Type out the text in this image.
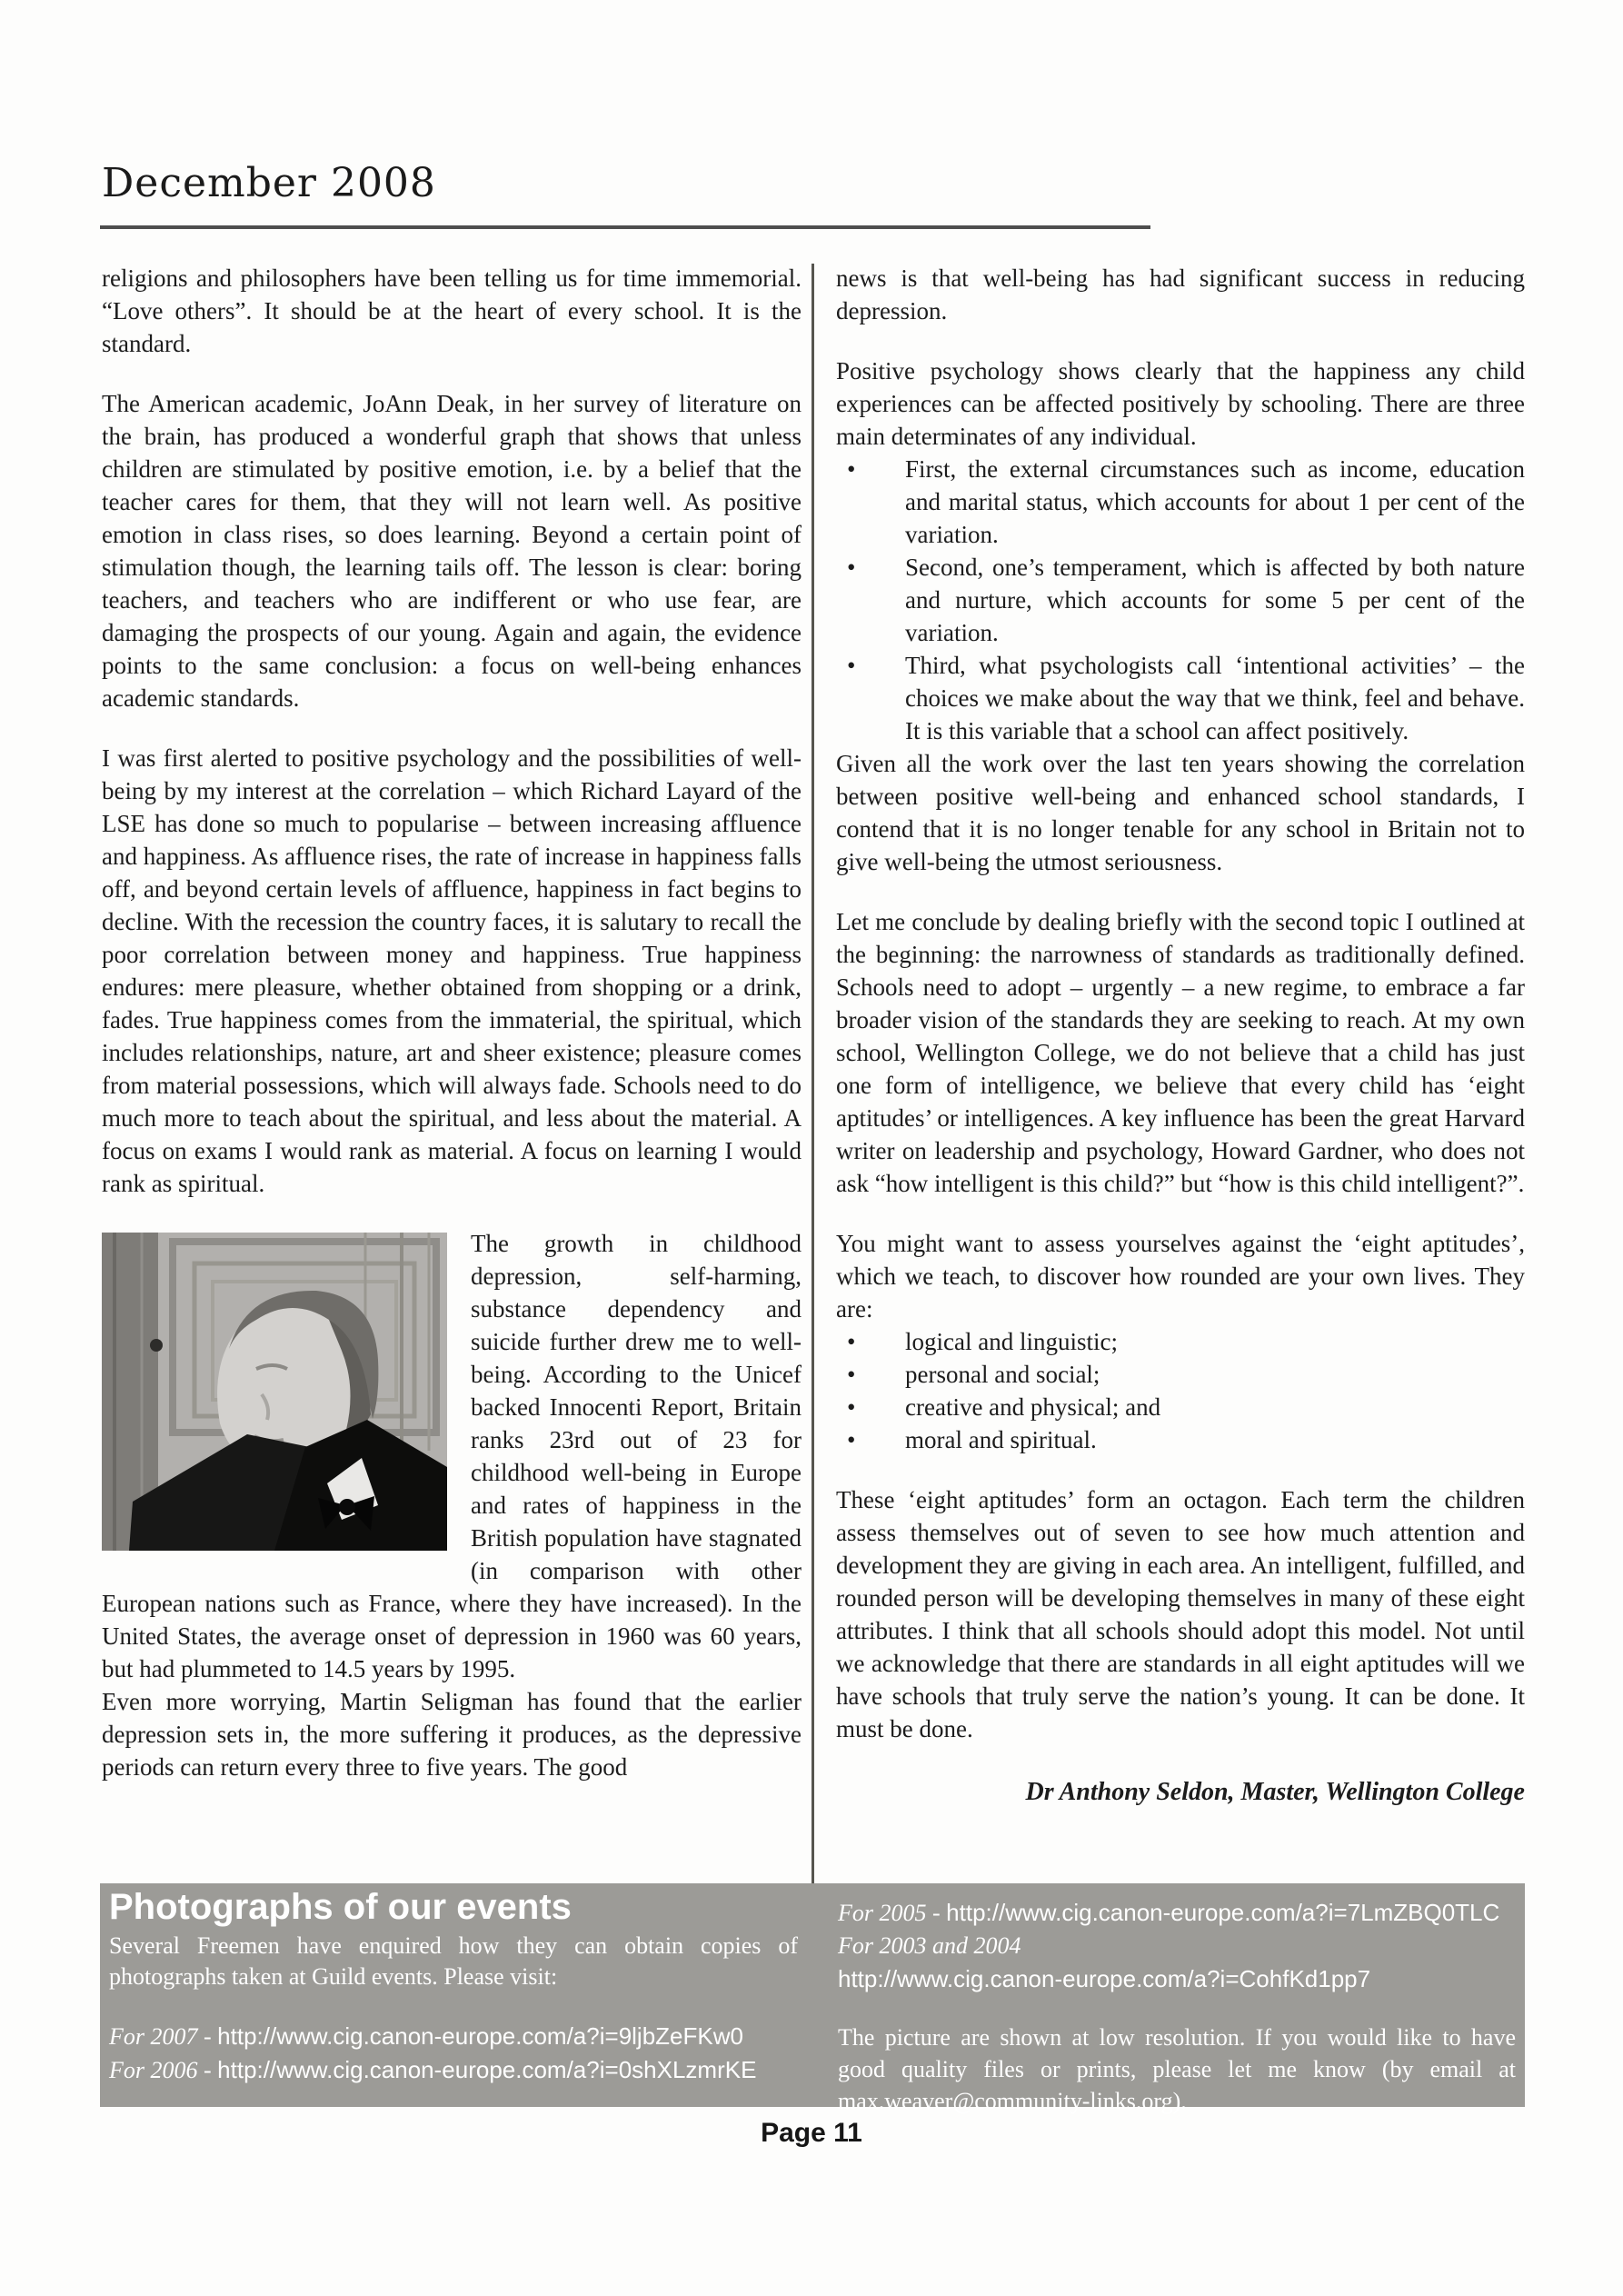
December 2008

religions and philosophers have been telling us for time immemorial. “Love others”. It should be at the heart of every school. It is the standard.

The American academic, JoAnn Deak, in her survey of literature on the brain, has produced a wonderful graph that shows that unless children are stimulated by positive emotion, i.e. by a belief that the teacher cares for them, that they will not learn well. As positive emotion in class rises, so does learning. Beyond a certain point of stimulation though, the learning tails off. The lesson is clear: boring teachers, and teachers who are indifferent or who use fear, are damaging the prospects of our young. Again and again, the evidence points to the same conclusion: a focus on well-being enhances academic standards.

I was first alerted to positive psychology and the possibilities of well-being by my interest at the correlation – which Richard Layard of the LSE has done so much to popularise – between increasing affluence and happiness. As affluence rises, the rate of increase in happiness falls off, and beyond certain levels of affluence, happiness in fact begins to decline. With the recession the country faces, it is salutary to recall the poor correlation between money and happiness. True happiness endures: mere pleasure, whether obtained from shopping or a drink, fades. True happiness comes from the immaterial, the spiritual, which includes relationships, nature, art and sheer existence; pleasure comes from material possessions, which will always fade. Schools need to do much more to teach about the spiritual, and less about the material. A focus on exams I would rank as material. A focus on learning I would rank as spiritual.

The growth in childhood depression, self-harming, substance dependency and suicide further drew me to well-being. According to the Unicef backed Innocenti Report, Britain ranks 23rd out of 23 for childhood well-being in Europe and rates of happiness in the British population have stagnated (in comparison with other European nations such as France, where they have increased). In the United States, the average onset of depression in 1960 was 60 years, but had plummeted to 14.5 years by 1995.

Even more worrying, Martin Seligman has found that the earlier depression sets in, the more suffering it produces, as the depressive periods can return every three to five years. The good

news is that well-being has had significant success in reducing depression.

Positive psychology shows clearly that the happiness any child experiences can be affected positively by schooling. There are three main determinates of any individual.

•	First, the external circumstances such as income, education and marital status, which accounts for about 1 per cent of the variation.
•	Second, one’s temperament, which is affected by both nature and nurture, which accounts for some 5 per cent of the variation.
•	Third, what psychologists call ‘intentional activities’ – the choices we make about the way that we think, feel and behave. It is this variable that a school can affect positively.

Given all the work over the last ten years showing the correlation between positive well-being and enhanced school standards, I contend that it is no longer tenable for any school in Britain not to give well-being the utmost seriousness.

Let me conclude by dealing briefly with the second topic I outlined at the beginning: the narrowness of standards as traditionally defined. Schools need to adopt – urgently – a new regime, to embrace a far broader vision of the standards they are seeking to reach. At my own school, Wellington College, we do not believe that a child has just one form of intelligence, we believe that every child has ‘eight aptitudes’ or intelligences. A key influence has been the great Harvard writer on leadership and psychology, Howard Gardner, who does not ask “how intelligent is this child?” but “how is this child intelligent?”.

You might want to assess yourselves against the ‘eight aptitudes’, which we teach, to discover how rounded are your own lives. They are:

•	logical and linguistic;
•	personal and social;
•	creative and physical; and
•	moral and spiritual.

These ‘eight aptitudes’ form an octagon. Each term the children assess themselves out of seven to see how much attention and development they are giving in each area. An intelligent, fulfilled, and rounded person will be developing themselves in many of these eight attributes. I think that all schools should adopt this model. Not until we acknowledge that there are standards in all eight aptitudes will we have schools that truly serve the nation’s young. It can be done. It must be done.

Dr Anthony Seldon, Master, Wellington College
Photographs of our events
Several Freemen have enquired how they can obtain copies of photographs taken at Guild events. Please visit:
For 2007 - http://www.cig.canon-europe.com/a?i=9ljbZeFKw0
For 2006 - http://www.cig.canon-europe.com/a?i=0shXLzmrKE
For 2005 - http://www.cig.canon-europe.com/a?i=7LmZBQ0TLC
For 2003 and 2004
http://www.cig.canon-europe.com/a?i=CohfKd1pp7
The picture are shown at low resolution. If you would like to have good quality files or prints, please let me know (by email at max.weaver@community-links.org).
Page 11
